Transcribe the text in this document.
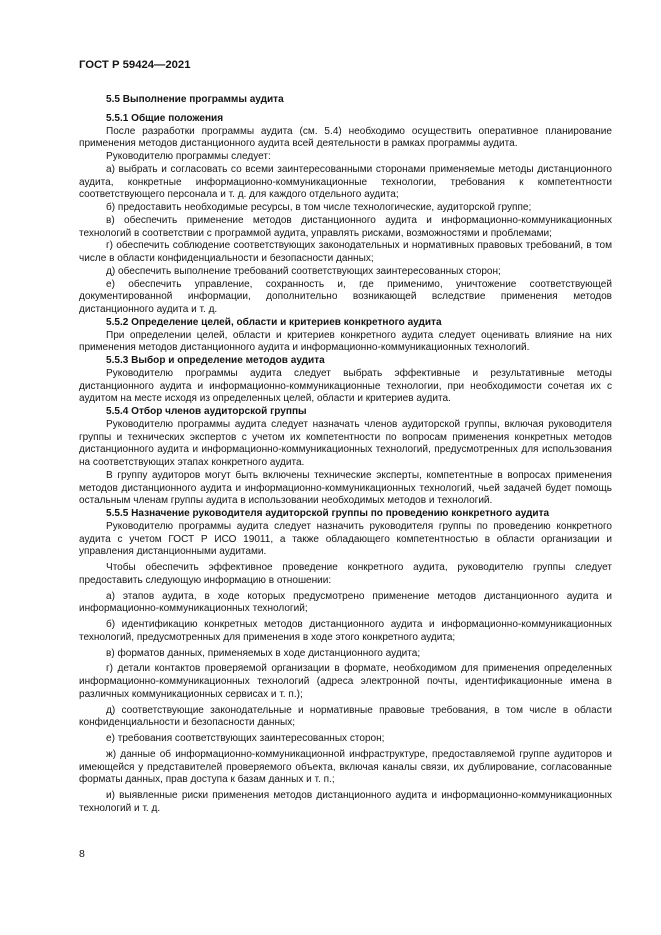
ГОСТ Р 59424—2021
5.5 Выполнение программы аудита
5.5.1 Общие положения

После разработки программы аудита (см. 5.4) необходимо осуществить оперативное планирование применения методов дистанционного аудита всей деятельности в рамках программы аудита.

Руководителю программы следует:

а) выбрать и согласовать со всеми заинтересованными сторонами применяемые методы дистанционного аудита, конкретные информационно-коммуникационные технологии, требования к компетентности соответствующего персонала и т. д. для каждого отдельного аудита;

б) предоставить необходимые ресурсы, в том числе технологические, аудиторской группе;

в) обеспечить применение методов дистанционного аудита и информационно-коммуникационных технологий в соответствии с программой аудита, управлять рисками, возможностями и проблемами;

г) обеспечить соблюдение соответствующих законодательных и нормативных правовых требований, в том числе в области конфиденциальности и безопасности данных;

д) обеспечить выполнение требований соответствующих заинтересованных сторон;

е) обеспечить управление, сохранность и, где применимо, уничтожение соответствующей документированной информации, дополнительно возникающей вследствие применения методов дистанционного аудита и т. д.

5.5.2 Определение целей, области и критериев конкретного аудита

При определении целей, области и критериев конкретного аудита следует оценивать влияние на них применения методов дистанционного аудита и информационно-коммуникационных технологий.

5.5.3 Выбор и определение методов аудита

Руководителю программы аудита следует выбрать эффективные и результативные методы дистанционного аудита и информационно-коммуникационные технологии, при необходимости сочетая их с аудитом на месте исходя из определенных целей, области и критериев аудита.

5.5.4 Отбор членов аудиторской группы

Руководителю программы аудита следует назначать членов аудиторской группы, включая руководителя группы и технических экспертов с учетом их компетентности по вопросам применения конкретных методов дистанционного аудита и информационно-коммуникационных технологий, предусмотренных для использования на соответствующих этапах конкретного аудита.

В группу аудиторов могут быть включены технические эксперты, компетентные в вопросах применения методов дистанционного аудита и информационно-коммуникационных технологий, чьей задачей будет помощь остальным членам группы аудита в использовании необходимых методов и технологий.

5.5.5 Назначение руководителя аудиторской группы по проведению конкретного аудита

Руководителю программы аудита следует назначить руководителя группы по проведению конкретного аудита с учетом ГОСТ Р ИСО 19011, а также обладающего компетентностью в области организации и управления дистанционными аудитами.

Чтобы обеспечить эффективное проведение конкретного аудита, руководителю группы следует предоставить следующую информацию в отношении:

а) этапов аудита, в ходе которых предусмотрено применение методов дистанционного аудита и информационно-коммуникационных технологий;

б) идентификацию конкретных методов дистанционного аудита и информационно-коммуникационных технологий, предусмотренных для применения в ходе этого конкретного аудита;

в) форматов данных, применяемых в ходе дистанционного аудита;

г) детали контактов проверяемой организации в формате, необходимом для применения определенных информационно-коммуникационных технологий (адреса электронной почты, идентификационные имена в различных коммуникационных сервисах и т. п.);

д) соответствующие законодательные и нормативные правовые требования, в том числе в области конфиденциальности и безопасности данных;

е) требования соответствующих заинтересованных сторон;

ж) данные об информационно-коммуникационной инфраструктуре, предоставляемой группе аудиторов и имеющейся у представителей проверяемого объекта, включая каналы связи, их дублирование, согласованные форматы данных, прав доступа к базам данных и т. п.;

и) выявленные риски применения методов дистанционного аудита и информационно-коммуникационных технологий и т. д.

8
